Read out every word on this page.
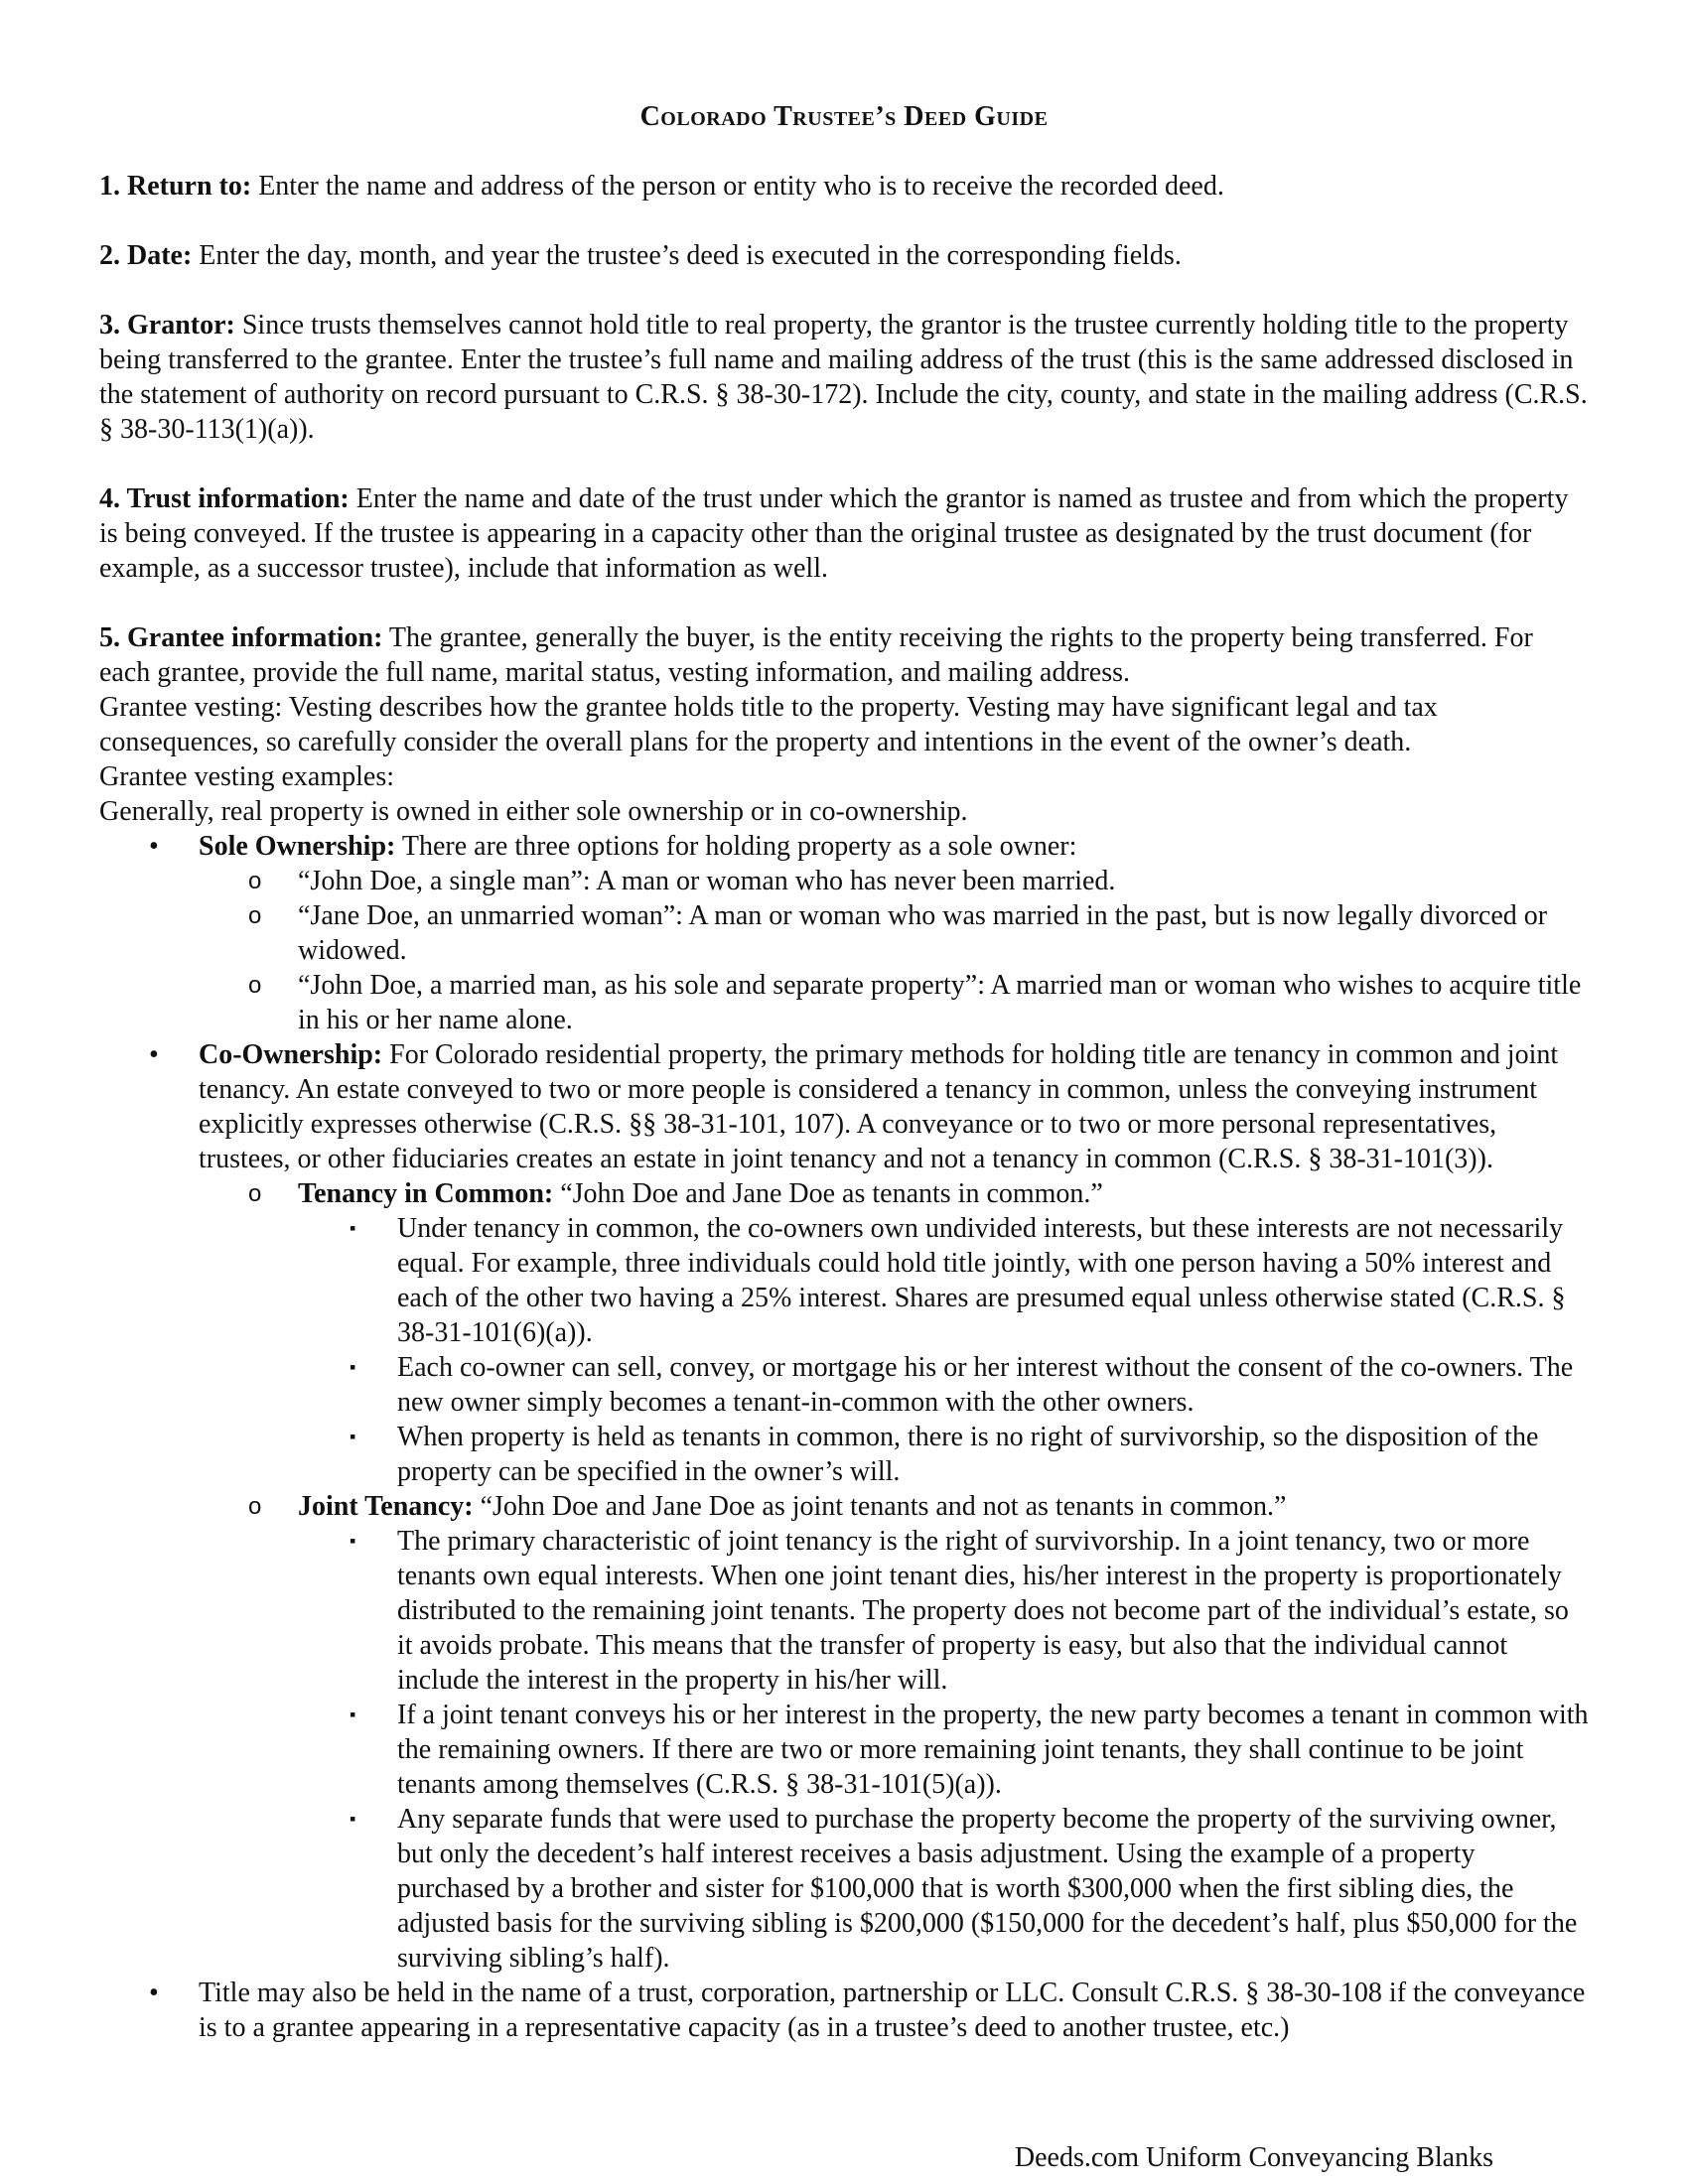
Colorado Trustee’s Deed Guide

1. Return to: Enter the name and address of the person or entity who is to receive the recorded deed.

2. Date: Enter the day, month, and year the trustee’s deed is executed in the corresponding fields.

3. Grantor: Since trusts themselves cannot hold title to real property, the grantor is the trustee currently holding title to the property being transferred to the grantee. Enter the trustee’s full name and mailing address of the trust (this is the same addressed disclosed in the statement of authority on record pursuant to C.R.S. § 38-30-172). Include the city, county, and state in the mailing address (C.R.S. § 38-30-113(1)(a)).

4. Trust information: Enter the name and date of the trust under which the grantor is named as trustee and from which the property is being conveyed. If the trustee is appearing in a capacity other than the original trustee as designated by the trust document (for example, as a successor trustee), include that information as well.

5. Grantee information: The grantee, generally the buyer, is the entity receiving the rights to the property being transferred. For each grantee, provide the full name, marital status, vesting information, and mailing address.

Grantee vesting: Vesting describes how the grantee holds title to the property. Vesting may have significant legal and tax consequences, so carefully consider the overall plans for the property and intentions in the event of the owner’s death.

Grantee vesting examples:

Generally, real property is owned in either sole ownership or in co-ownership.

• Sole Ownership: There are three options for holding property as a sole owner:
o “John Doe, a single man”: A man or woman who has never been married.
o “Jane Doe, an unmarried woman”: A man or woman who was married in the past, but is now legally divorced or widowed.
o “John Doe, a married man, as his sole and separate property”: A married man or woman who wishes to acquire title in his or her name alone.
• Co-Ownership: For Colorado residential property, the primary methods for holding title are tenancy in common and joint tenancy. An estate conveyed to two or more people is considered a tenancy in common, unless the conveying instrument explicitly expresses otherwise (C.R.S. §§ 38-31-101, 107). A conveyance or to two or more personal representatives, trustees, or other fiduciaries creates an estate in joint tenancy and not a tenancy in common (C.R.S. § 38-31-101(3)).
o Tenancy in Common: “John Doe and Jane Doe as tenants in common.”
▪ Under tenancy in common, the co-owners own undivided interests, but these interests are not necessarily equal. For example, three individuals could hold title jointly, with one person having a 50% interest and each of the other two having a 25% interest. Shares are presumed equal unless otherwise stated (C.R.S. § 38-31-101(6)(a)).
▪ Each co-owner can sell, convey, or mortgage his or her interest without the consent of the co-owners. The new owner simply becomes a tenant-in-common with the other owners.
▪ When property is held as tenants in common, there is no right of survivorship, so the disposition of the property can be specified in the owner’s will.
o Joint Tenancy: “John Doe and Jane Doe as joint tenants and not as tenants in common.”
▪ The primary characteristic of joint tenancy is the right of survivorship. In a joint tenancy, two or more tenants own equal interests. When one joint tenant dies, his/her interest in the property is proportionately distributed to the remaining joint tenants. The property does not become part of the individual’s estate, so it avoids probate. This means that the transfer of property is easy, but also that the individual cannot include the interest in the property in his/her will.
▪ If a joint tenant conveys his or her interest in the property, the new party becomes a tenant in common with the remaining owners. If there are two or more remaining joint tenants, they shall continue to be joint tenants among themselves (C.R.S. § 38-31-101(5)(a)).
▪ Any separate funds that were used to purchase the property become the property of the surviving owner, but only the decedent’s half interest receives a basis adjustment. Using the example of a property purchased by a brother and sister for $100,000 that is worth $300,000 when the first sibling dies, the adjusted basis for the surviving sibling is $200,000 ($150,000 for the decedent’s half, plus $50,000 for the surviving sibling’s half).
• Title may also be held in the name of a trust, corporation, partnership or LLC. Consult C.R.S. § 38-30-108 if the conveyance is to a grantee appearing in a representative capacity (as in a trustee’s deed to another trustee, etc.)
Deeds.com Uniform Conveyancing Blanks
